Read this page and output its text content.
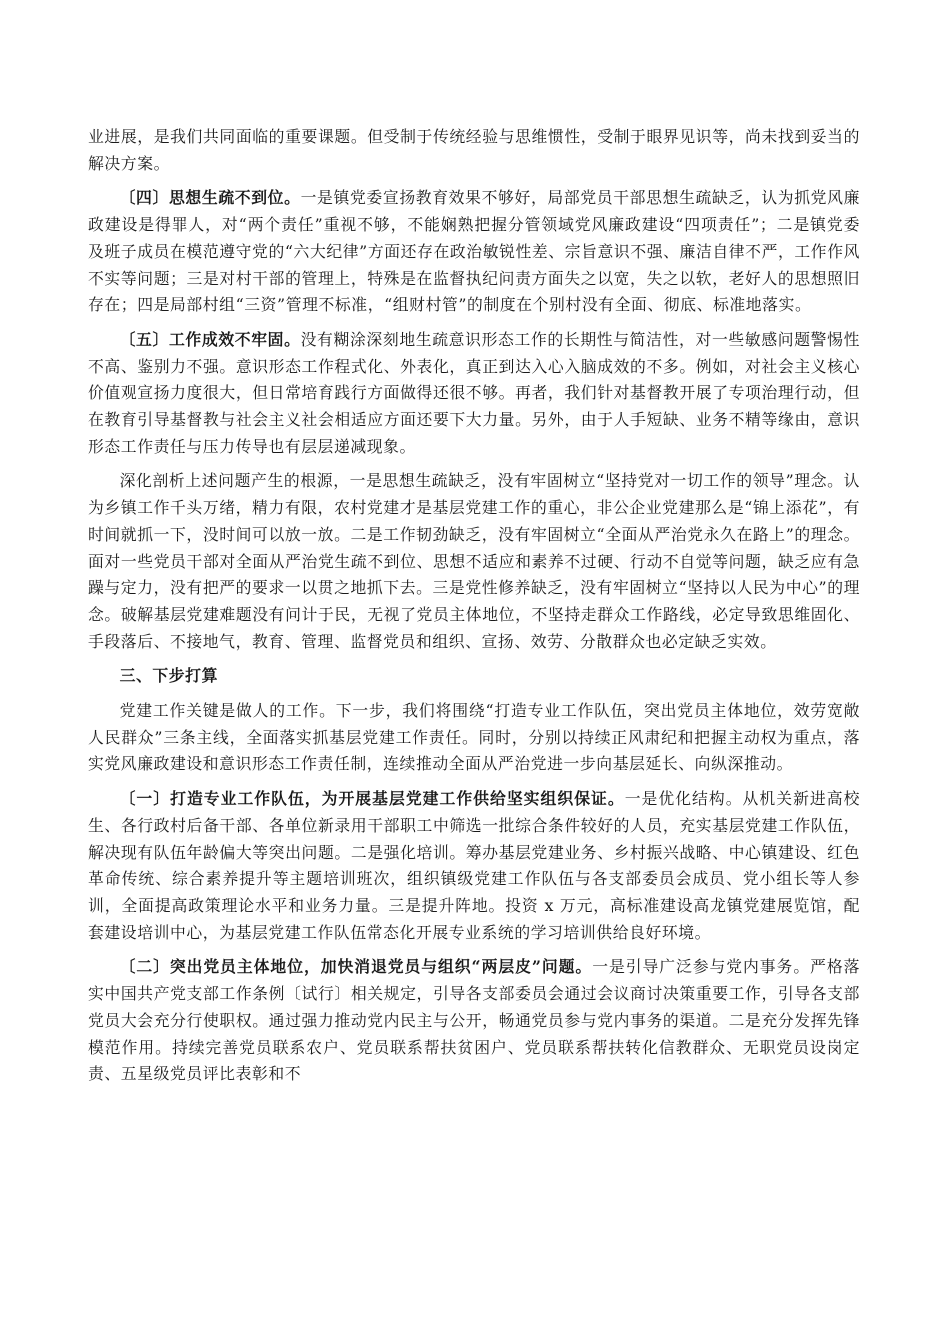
业进展，是我们共同面临的重要课题。但受制于传统经验与思维惯性，受制于眼界见识等，尚未找到妥当的解决方案。

〔四〕思想生疏不到位。一是镇党委宣扬教育效果不够好，局部党员干部思想生疏缺乏，认为抓党风廉政建设是得罪人，对“两个责任”重视不够，不能娴熟把握分管领域党风廉政建设“四项责任”；二是镇党委及班子成员在模范遵守党的“六大纪律”方面还存在政治敏锐性差、宗旨意识不强、廉洁自律不严，工作作风不实等问题；三是对村干部的管理上，特殊是在监督执纪问责方面失之以宽，失之以软，老好人的思想照旧存在；四是局部村组“三资”管理不标准，“组财村管”的制度在个别村没有全面、彻底、标准地落实。

〔五〕工作成效不牢固。没有糊涂深刻地生疏意识形态工作的长期性与简洁性，对一些敏感问题警惕性不高、鉴别力不强。意识形态工作程式化、外表化，真正到达入心入脑成效的不多。例如，对社会主义核心价值观宣扬力度很大，但日常培育践行方面做得还很不够。再者，我们针对基督教开展了专项治理行动，但在教育引导基督教与社会主义社会相适应方面还要下大力量。另外，由于人手短缺、业务不精等缘由，意识形态工作责任与压力传导也有层层递减现象。

深化剖析上述问题产生的根源，一是思想生疏缺乏，没有牢固树立“坚持党对一切工作的领导”理念。认为乡镇工作千头万绪，精力有限，农村党建才是基层党建工作的重心，非公企业党建那么是“锦上添花”，有时间就抓一下，没时间可以放一放。二是工作韧劲缺乏，没有牢固树立“全面从严治党永久在路上”的理念。面对一些党员干部对全面从严治党生疏不到位、思想不适应和素养不过硬、行动不自觉等问题，缺乏应有急躁与定力，没有把严的要求一以贯之地抓下去。三是党性修养缺乏，没有牢固树立“坚持以人民为中心”的理念。破解基层党建难题没有问计于民，无视了党员主体地位，不坚持走群众工作路线，必定导致思维固化、手段落后、不接地气，教育、管理、监督党员和组织、宣扬、效劳、分散群众也必定缺乏实效。

三、下步打算

党建工作关键是做人的工作。下一步，我们将围绕“打造专业工作队伍，突出党员主体地位，效劳宽敞人民群众”三条主线，全面落实抓基层党建工作责任。同时，分别以持续正风肃纪和把握主动权为重点，落实党风廉政建设和意识形态工作责任制，连续推动全面从严治党进一步向基层延长、向纵深推动。

〔一〕打造专业工作队伍，为开展基层党建工作供给坚实组织保证。一是优化结构。从机关新进高校生、各行政村后备干部、各单位新录用干部职工中筛选一批综合条件较好的人员，充实基层党建工作队伍，解决现有队伍年龄偏大等突出问题。二是强化培训。筹办基层党建业务、乡村振兴战略、中心镇建设、红色革命传统、综合素养提升等主题培训班次，组织镇级党建工作队伍与各支部委员会成员、党小组长等人参训，全面提高政策理论水平和业务力量。三是提升阵地。投资 x 万元，高标准建设高龙镇党建展览馆，配套建设培训中心，为基层党建工作队伍常态化开展专业系统的学习培训供给良好环境。

〔二〕突出党员主体地位，加快消退党员与组织“两层皮”问题。一是引导广泛参与党内事务。严格落实中国共产党支部工作条例〔试行〕相关规定，引导各支部委员会通过会议商讨决策重要工作，引导各支部党员大会充分行使职权。通过强力推动党内民主与公开，畅通党员参与党内事务的渠道。二是充分发挥先锋模范作用。持续完善党员联系农户、党员联系帮扶贫困户、党员联系帮扶转化信教群众、无职党员设岗定责、五星级党员评比表彰和不
